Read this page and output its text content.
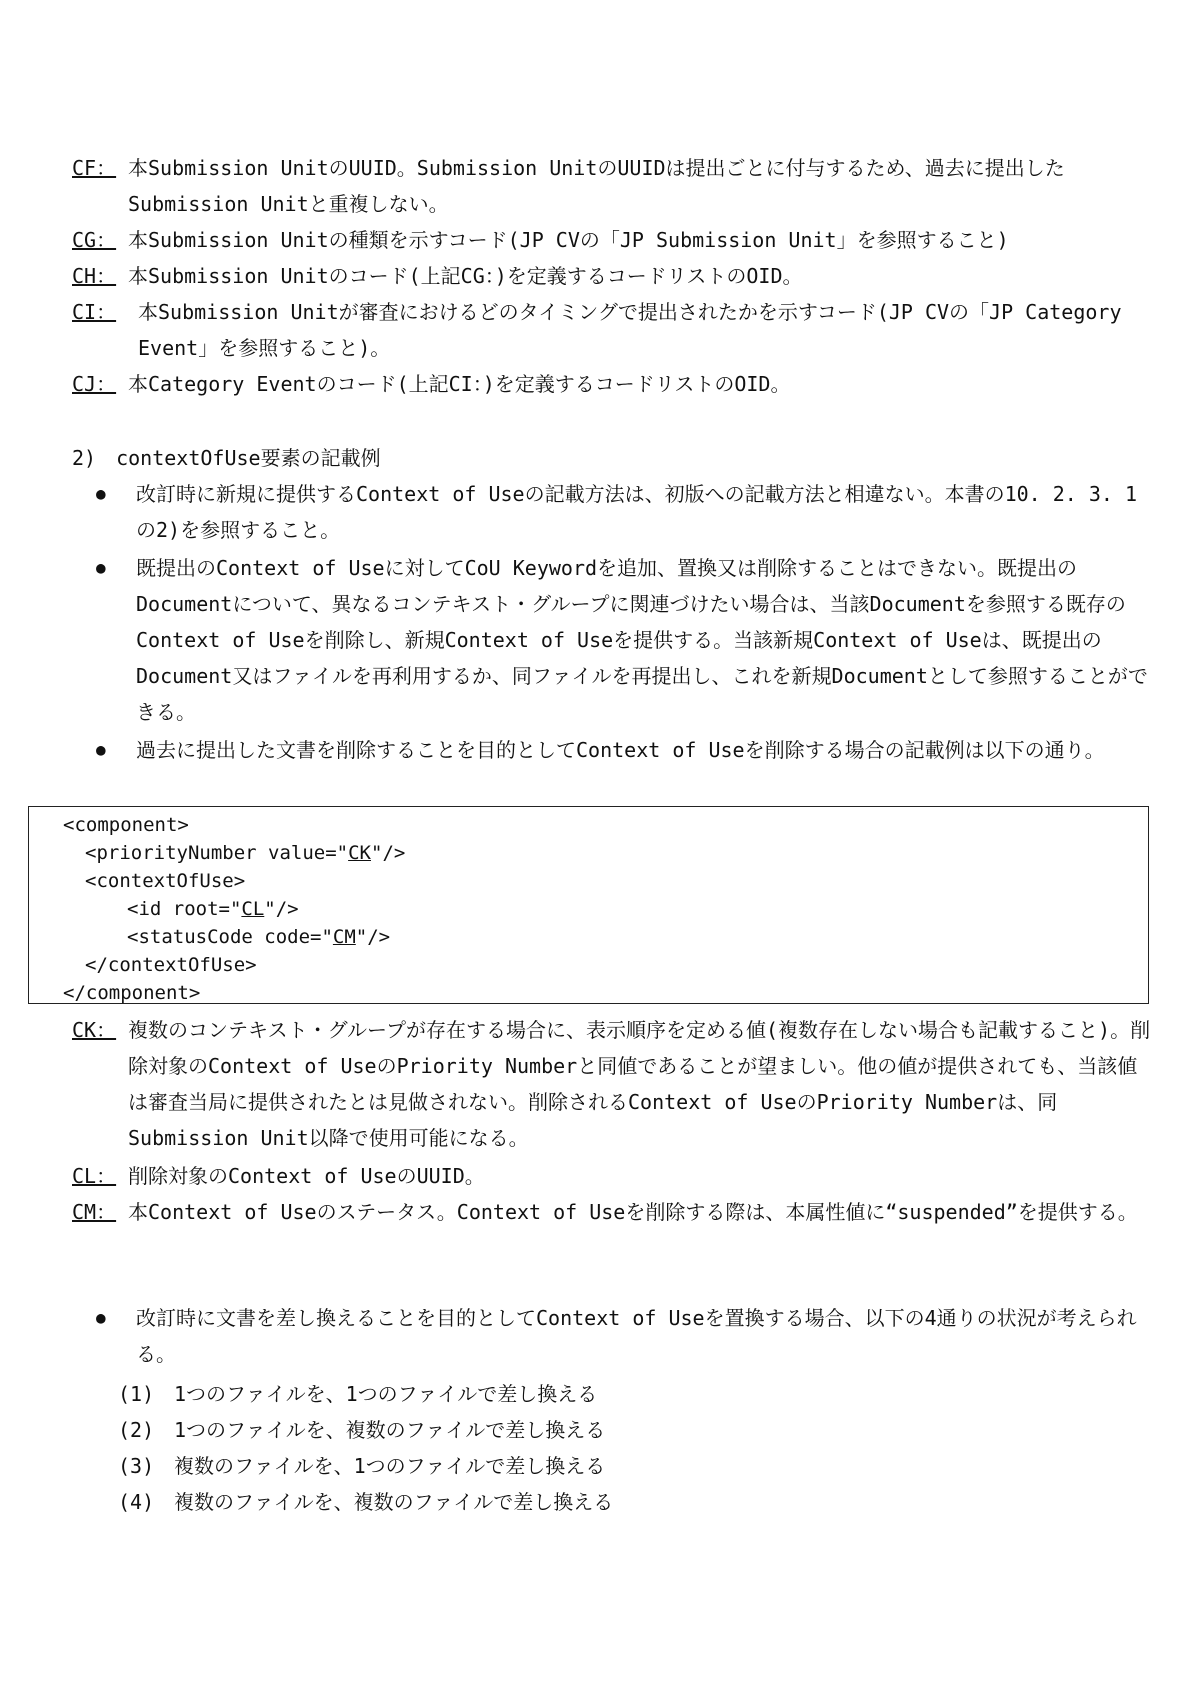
CF： 本Submission UnitのUUID。Submission UnitのUUIDは提出ごとに付与するため、過去に提出したSubmission Unitと重複しない。
CG： 本Submission Unitの種類を示すコード(JP CVの「JP Submission Unit」を参照すること)
CH： 本Submission Unitのコード(上記CG：)を定義するコードリストのOID。
CI： 本Submission Unitが審査におけるどのタイミングで提出されたかを示すコード(JP CVの「JP Category Event」を参照すること)。
CJ： 本Category Eventのコード(上記CI：)を定義するコードリストのOID。
2)　contextOfUse要素の記載例
● 改訂時に新規に提供するContext of Useの記載方法は、初版への記載方法と相違ない。本書の10. 2. 3. 1の2)を参照すること。
● 既提出のContext of Useに対してCoU Keywordを追加、置換又は削除することはできない。既提出のDocumentについて、異なるコンテキスト・グループに関連づけたい場合は、当該Documentを参照する既存のContext of Useを削除し、新規Context of Useを提供する。当該新規Context of Useは、既提出のDocument又はファイルを再利用するか、同ファイルを再提出し、これを新規Documentとして参照することができる。
● 過去に提出した文書を削除することを目的としてContext of Useを削除する場合の記載例は以下の通り。
<component>
<priorityNumber value="CK"/>
<contextOfUse>
<id root="CL"/>
<statusCode code="CM"/>
</contextOfUse>
</component>
CK： 複数のコンテキスト・グループが存在する場合に、表示順序を定める値(複数存在しない場合も記載すること)。削除対象のContext of UseのPriority Numberと同値であることが望ましい。他の値が提供されても、当該値は審査当局に提供されたとは見做されない。削除されるContext of UseのPriority Numberは、同Submission Unit以降で使用可能になる。
CL： 削除対象のContext of UseのUUID。
CM： 本Context of Useのステータス。Context of Useを削除する際は、本属性値に“suspended”を提供する。
● 改訂時に文書を差し換えることを目的としてContext of Useを置換する場合、以下の4通りの状況が考えられる。
(1) 1つのファイルを、1つのファイルで差し換える
(2) 1つのファイルを、複数のファイルで差し換える
(3) 複数のファイルを、1つのファイルで差し換える
(4) 複数のファイルを、複数のファイルで差し換える
